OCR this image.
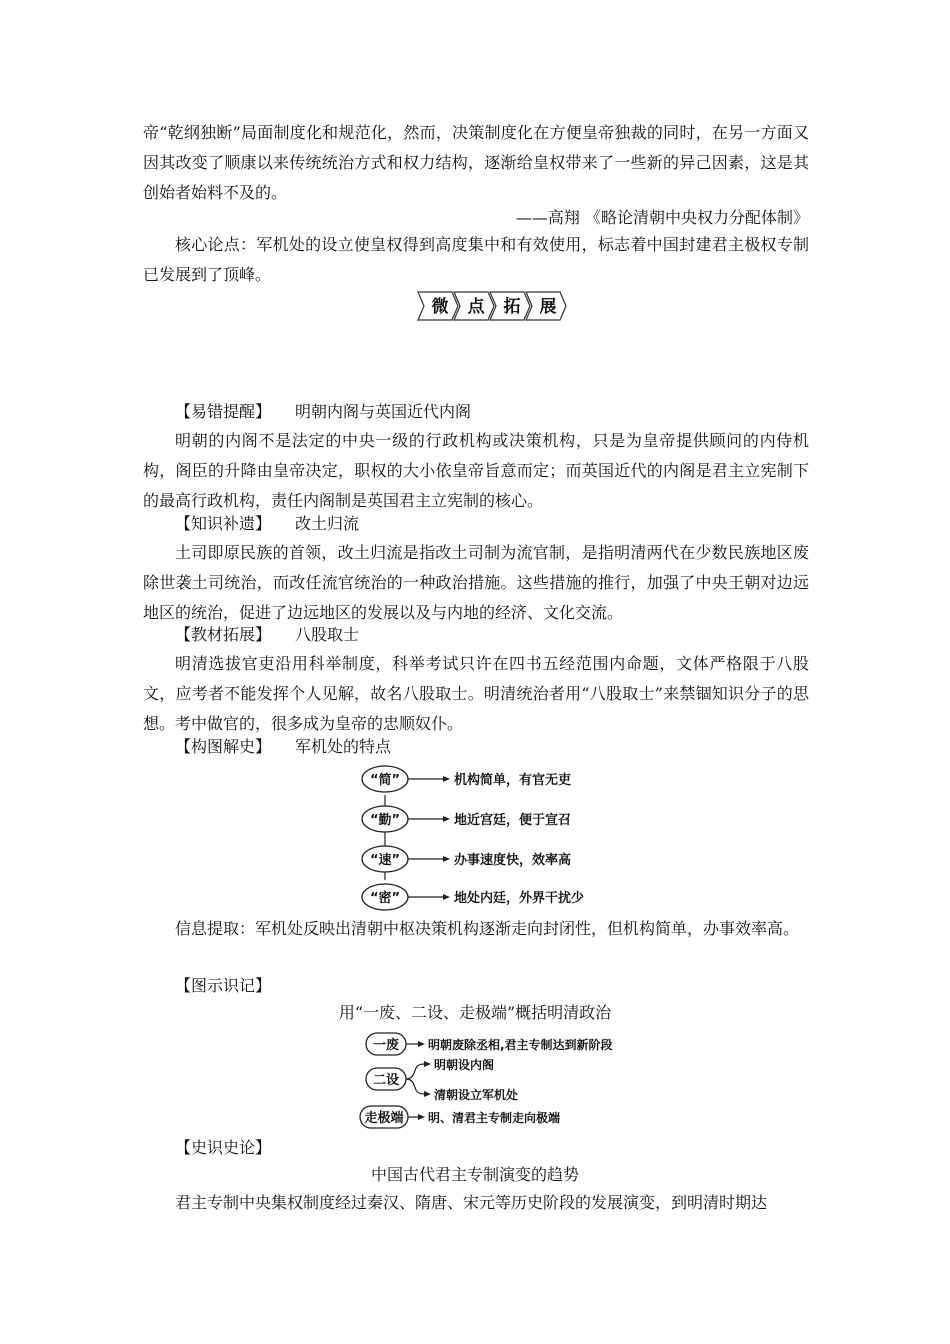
帝“乾纲独断”局面制度化和规范化，然而，决策制度化在方便皇帝独裁的同时，在另一方面又因其改变了顺康以来传统统治方式和权力结构，逐渐给皇权带来了一些新的异己因素，这是其创始者始料不及的。

——高翔 《略论清朝中央权力分配体制》

核心论点：军机处的设立使皇权得到高度集中和有效使用，标志着中国封建君主极权专制已发展到了顶峰。

微 点 拓 展

【易错提醒】 明朝内阁与英国近代内阁

明朝的内阁不是法定的中央一级的行政机构或决策机构，只是为皇帝提供顾问的内侍机构，阁臣的升降由皇帝决定，职权的大小依皇帝旨意而定；而英国近代的内阁是君主立宪制下的最高行政机构，责任内阁制是英国君主立宪制的核心。

【知识补遗】 改土归流

土司即原民族的首领，改土归流是指改土司制为流官制，是指明清两代在少数民族地区废除世袭土司统治，而改任流官统治的一种政治措施。这些措施的推行，加强了中央王朝对边远地区的统治，促进了边远地区的发展以及与内地的经济、文化交流。

【教材拓展】 八股取士

明清选拔官吏沿用科举制度，科举考试只许在四书五经范围内命题，文体严格限于八股文，应考者不能发挥个人见解，故名八股取士。明清统治者用“八股取士”来禁锢知识分子的思想。考中做官的，很多成为皇帝的忠顺奴仆。

【构图解史】 军机处的特点

“简”
“勤”
“速”
“密”
机构简单，有官无吏
地近宫廷，便于宣召
办事速度快，效率高
地处内廷，外界干扰少

信息提取：军机处反映出清朝中枢决策机构逐渐走向封闭性，但机构简单，办事效率高。

【图示识记】

用“一废、二设、走极端”概括明清政治

一废
二设
走极端
明朝废除丞相,君主专制达到新阶段
明朝设内阁
清朝设立军机处
明、清君主专制走向极端

【史识史论】

中国古代君主专制演变的趋势

君主专制中央集权制度经过秦汉、隋唐、宋元等历史阶段的发展演变，到明清时期达
